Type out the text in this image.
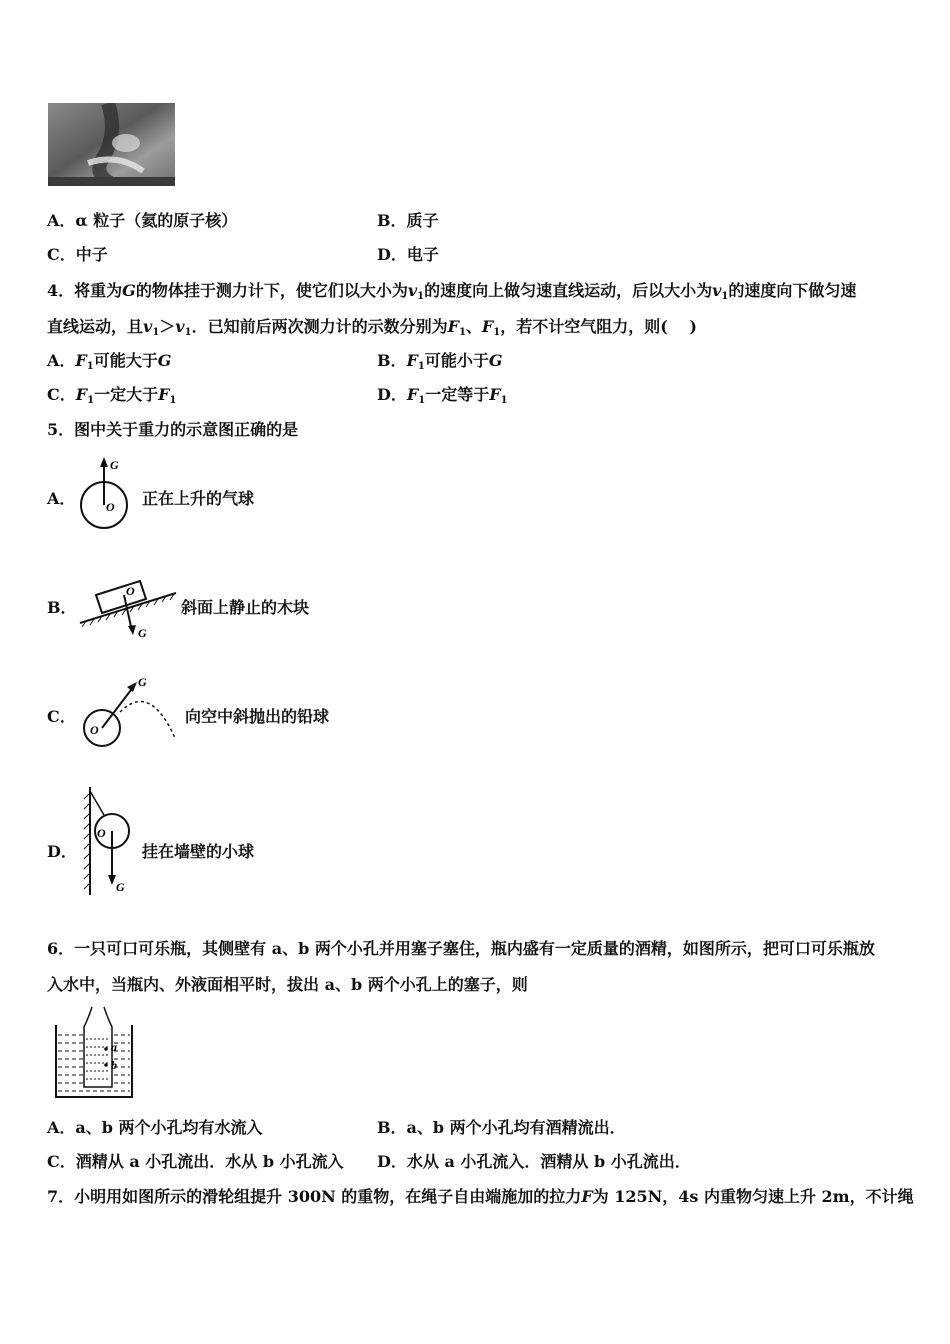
A．α 粒子（氦的原子核）	B．质子
C．中子	D．电子
4．将重为G的物体挂于测力计下，使它们以大小为$v_1$的速度向上做匀速直线运动，后以大小为$v_1$的速度向下做匀速
直线运动，且$v_1>v_1$．已知前后两次测力计的示数分别为$F_1$、$F_1$，若不计空气阻力，则(　 )
A．$F_1$可能大于G	B．$F_1$可能小于G
C．$F_1$一定大于$F_1$	D．$F_1$一定等于$F_1$
5．图中关于重力的示意图正确的是
A．
G
O 正在上升的气球
B．
O
G
斜面上静止的木块
C．
O
G
向空中斜抛出的铅球
D．
O
G
挂在墙壁的小球
6．一只可口可乐瓶，其侧壁有 a、b 两个小孔并用塞子塞住，瓶内盛有一定质量的酒精，如图所示，把可口可乐瓶放
入水中，当瓶内、外液面相平时，拔出 a、b 两个小孔上的塞子，则
a
b
A．a、b 两个小孔均有水流入	B．a、b 两个小孔均有酒精流出．
C．酒精从 a 小孔流出．水从 b 小孔流入 D．水从 a 小孔流入．酒精从 b 小孔流出．
7．小明用如图所示的滑轮组提升 300N 的重物，在绳子自由端施加的拉力F为 125N，4s 内重物匀速上升 2m，不计绳
